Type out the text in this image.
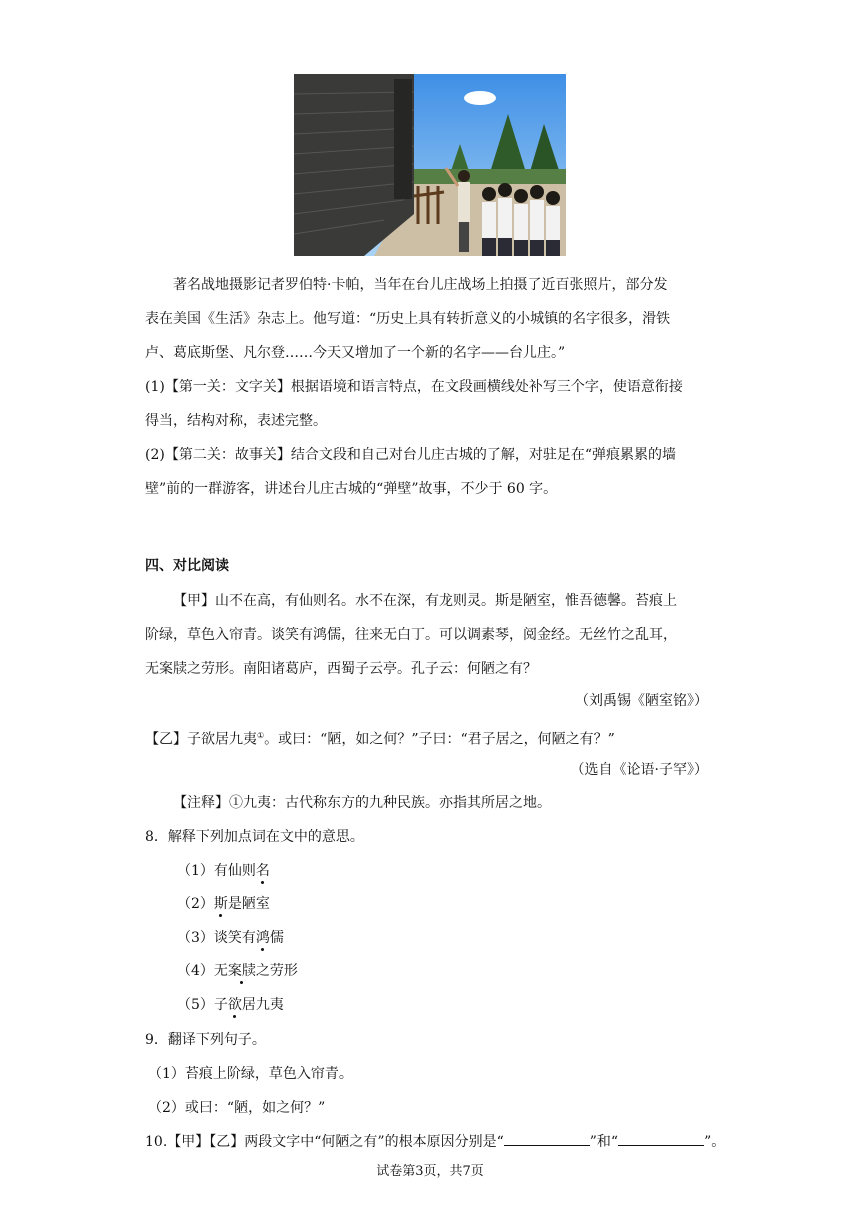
著名战地摄影记者罗伯特·卡帕，当年在台儿庄战场上拍摄了近百张照片，部分发
表在美国《生活》杂志上。他写道：“历史上具有转折意义的小城镇的名字很多，滑铁
卢、葛底斯堡、凡尔登……今天又增加了一个新的名字——台儿庄。”
(1)【第一关：文字关】根据语境和语言特点，在文段画横线处补写三个字，使语意衔接
得当，结构对称，表述完整。
(2)【第二关：故事关】结合文段和自己对台儿庄古城的了解，对驻足在“弹痕累累的墙
壁”前的一群游客，讲述台儿庄古城的“弹壁”故事，不少于 60 字。
四、对比阅读
【甲】山不在高，有仙则名。水不在深，有龙则灵。斯是陋室，惟吾德馨。苔痕上
阶绿，草色入帘青。谈笑有鸿儒，往来无白丁。可以调素琴，阅金经。无丝竹之乱耳，
无案牍之劳形。南阳诸葛庐，西蜀子云亭。孔子云：何陋之有？
（刘禹锡《陋室铭》）
【乙】子欲居九夷①。或曰：“陋，如之何？”子曰：“君子居之，何陋之有？”
（选自《论语·子罕》）
【注释】①九夷：古代称东方的九种民族。亦指其所居之地。
8．解释下列加点词在文中的意思。
（1）有仙则名
（2）斯是陋室
（3）谈笑有鸿儒
（4）无案牍之劳形
（5）子欲居九夷
9．翻译下列句子。
（1）苔痕上阶绿，草色入帘青。
（2）或曰：“陋，如之何？”
10.【甲】【乙】两段文字中“何陋之有”的根本原因分别是“	”和“	”。
试卷第3页，共7页
